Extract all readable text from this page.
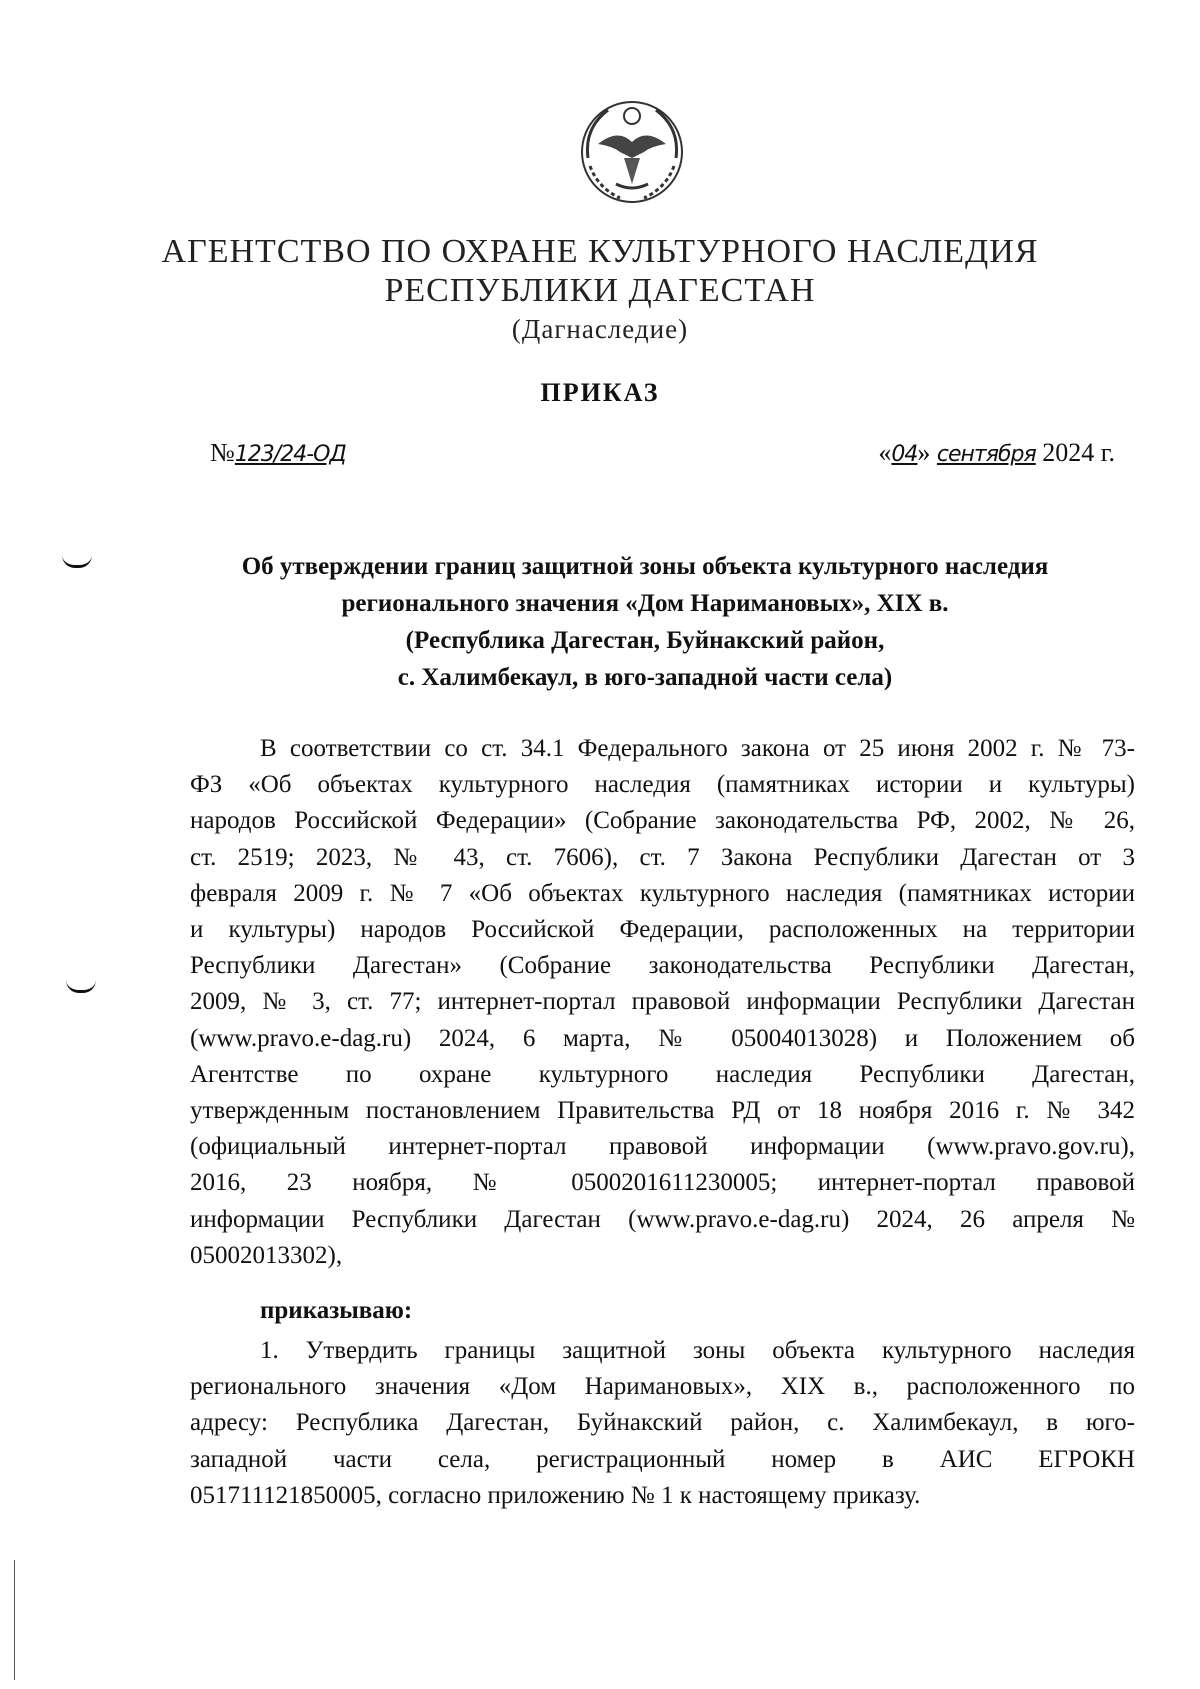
АГЕНТСТВО ПО ОХРАНЕ КУЛЬТУРНОГО НАСЛЕДИЯ
РЕСПУБЛИКИ ДАГЕСТАН
(Дагнаследие)
ПРИКАЗ
№123/24-ОД	«04» сентября 2024 г.
Об утверждении границ защитной зоны объекта культурного наследия
регионального значения «Дом Наримановых», XIX в.
(Республика Дагестан, Буйнакский район,
с. Халимбекаул, в юго-западной части села)
В соответствии со ст. 34.1 Федерального закона от 25 июня 2002 г. № 73-
ФЗ «Об объектах культурного наследия (памятниках истории и культуры)
народов Российской Федерации» (Собрание законодательства РФ, 2002, № 26,
ст. 2519; 2023, № 43, ст. 7606), ст. 7 Закона Республики Дагестан от 3
февраля 2009 г. № 7 «Об объектах культурного наследия (памятниках истории
и культуры) народов Российской Федерации, расположенных на территории
Республики Дагестан» (Собрание законодательства Республики Дагестан,
2009, № 3, ст. 77; интернет-портал правовой информации Республики Дагестан
(www.pravo.e-dag.ru) 2024, 6 марта, № 05004013028) и Положением об
Агентстве по охране культурного наследия Республики Дагестан,
утвержденным постановлением Правительства РД от 18 ноября 2016 г. № 342
(официальный интернет-портал правовой информации (www.pravo.gov.ru),
2016, 23 ноября, № 0500201611230005; интернет-портал правовой
информации Республики Дагестан (www.pravo.e-dag.ru) 2024, 26 апреля №
05002013302),
приказываю:
1. Утвердить границы защитной зоны объекта культурного наследия
регионального значения «Дом Наримановых», XIX в., расположенного по
адресу: Республика Дагестан, Буйнакский район, с. Халимбекаул, в юго-
западной части села, регистрационный номер в АИС ЕГРОКН
051711121850005, согласно приложению № 1 к настоящему приказу.
